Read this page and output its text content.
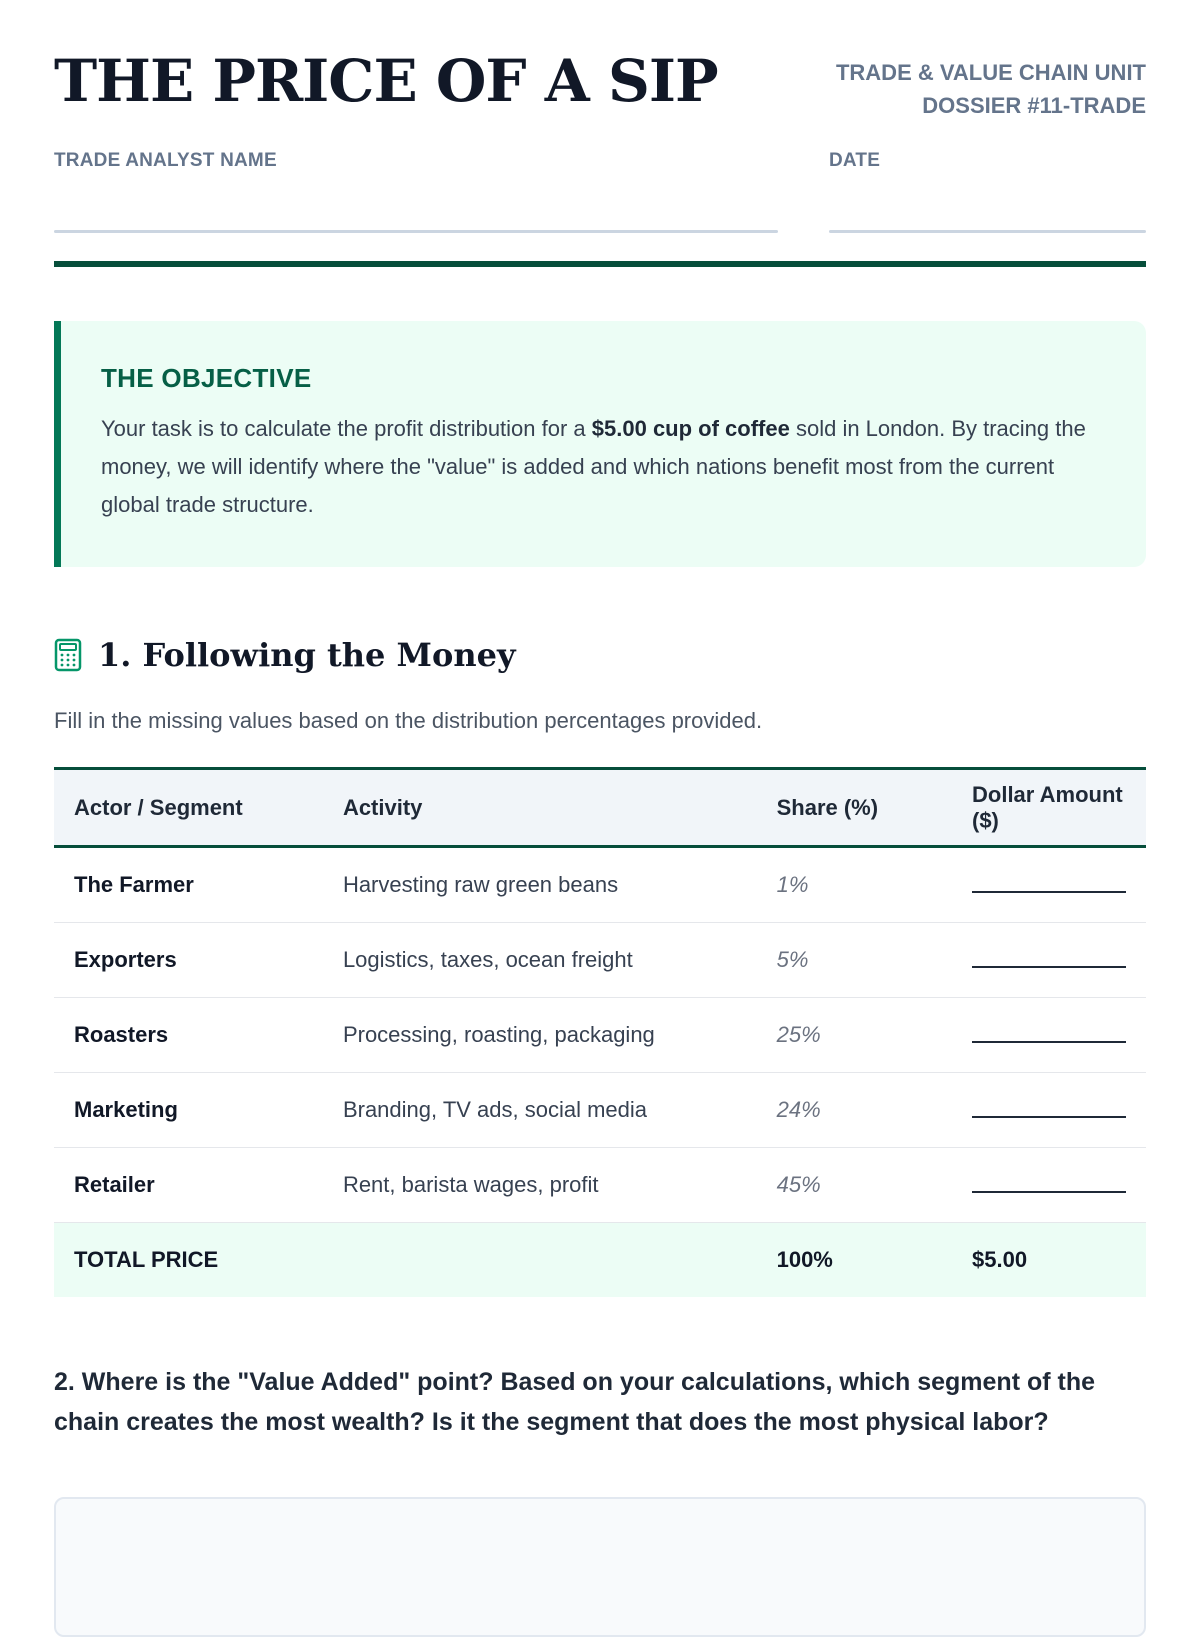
THE PRICE OF A SIP	TRADE & VALUE CHAIN UNIT
DOSSIER #11-TRADE
TRADE ANALYST NAME	DATE
THE OBJECTIVE

Your task is to calculate the profit distribution for a $5.00 cup of coffee sold in London. By tracing the money, we will identify where the "value" is added and which nations benefit most from the current global trade structure.

1. Following the Money
Fill in the missing values based on the distribution percentages provided.
Actor / Segment	Activity	Share (%)	Dollar Amount ($)
The Farmer	Harvesting raw green beans	1%	
Exporters	Logistics, taxes, ocean freight	5%	
Roasters	Processing, roasting, packaging	25%	
Marketing	Branding, TV ads, social media	24%	
Retailer	Rent, barista wages, profit	45%	
TOTAL PRICE		100%	$5.00

2. Where is the "Value Added" point? Based on your calculations, which segment of the chain creates the most wealth? Is it the segment that does the most physical labor?
